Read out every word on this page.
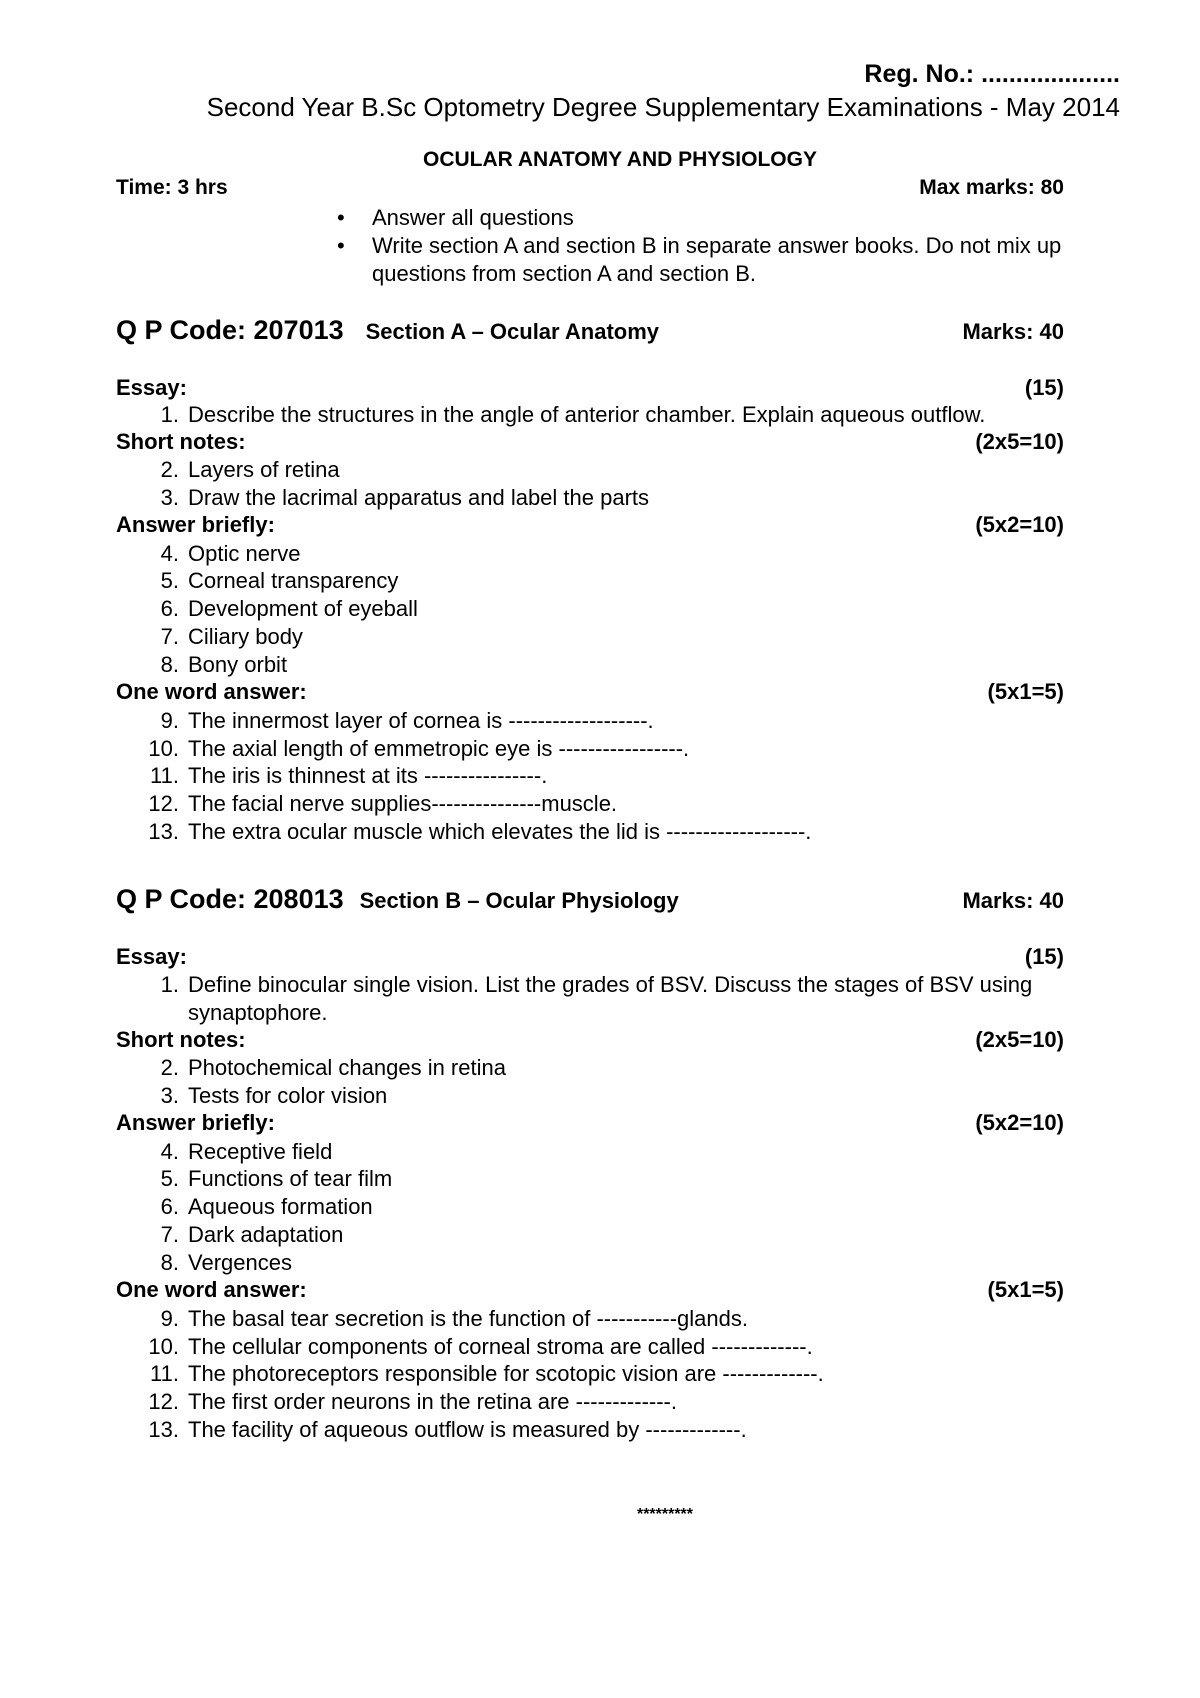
Reg. No.: ....................
Second Year B.Sc Optometry Degree Supplementary Examinations - May 2014
OCULAR ANATOMY AND PHYSIOLOGY
Time: 3 hrs	Max marks: 80
• Answer all questions
• Write section A and section B in separate answer books. Do not mix up questions from section A and section B.
Q P Code: 207013 Section A – Ocular Anatomy	Marks: 40
Essay:	(15)
1. Describe the structures in the angle of anterior chamber. Explain aqueous outflow.
Short notes:	(2x5=10)
2. Layers of retina
3. Draw the lacrimal apparatus and label the parts
Answer briefly:	(5x2=10)
4. Optic nerve
5. Corneal transparency
6. Development of eyeball
7. Ciliary body
8. Bony orbit
One word answer:	(5x1=5)
9. The innermost layer of cornea is -------------------.
10. The axial length of emmetropic eye is -----------------.
11. The iris is thinnest at its ----------------.
12. The facial nerve supplies---------------muscle.
13. The extra ocular muscle which elevates the lid is -------------------.
Q P Code: 208013 Section B – Ocular Physiology	Marks: 40
Essay:	(15)
1. Define binocular single vision. List the grades of BSV. Discuss the stages of BSV using synaptophore.
Short notes:	(2x5=10)
2. Photochemical changes in retina
3. Tests for color vision
Answer briefly:	(5x2=10)
4. Receptive field
5. Functions of tear film
6. Aqueous formation
7. Dark adaptation
8. Vergences
One word answer:	(5x1=5)
9. The basal tear secretion is the function of -----------glands.
10. The cellular components of corneal stroma are called -------------.
11. The photoreceptors responsible for scotopic vision are -------------.
12. The first order neurons in the retina are -------------.
13. The facility of aqueous outflow is measured by -------------.
*********
